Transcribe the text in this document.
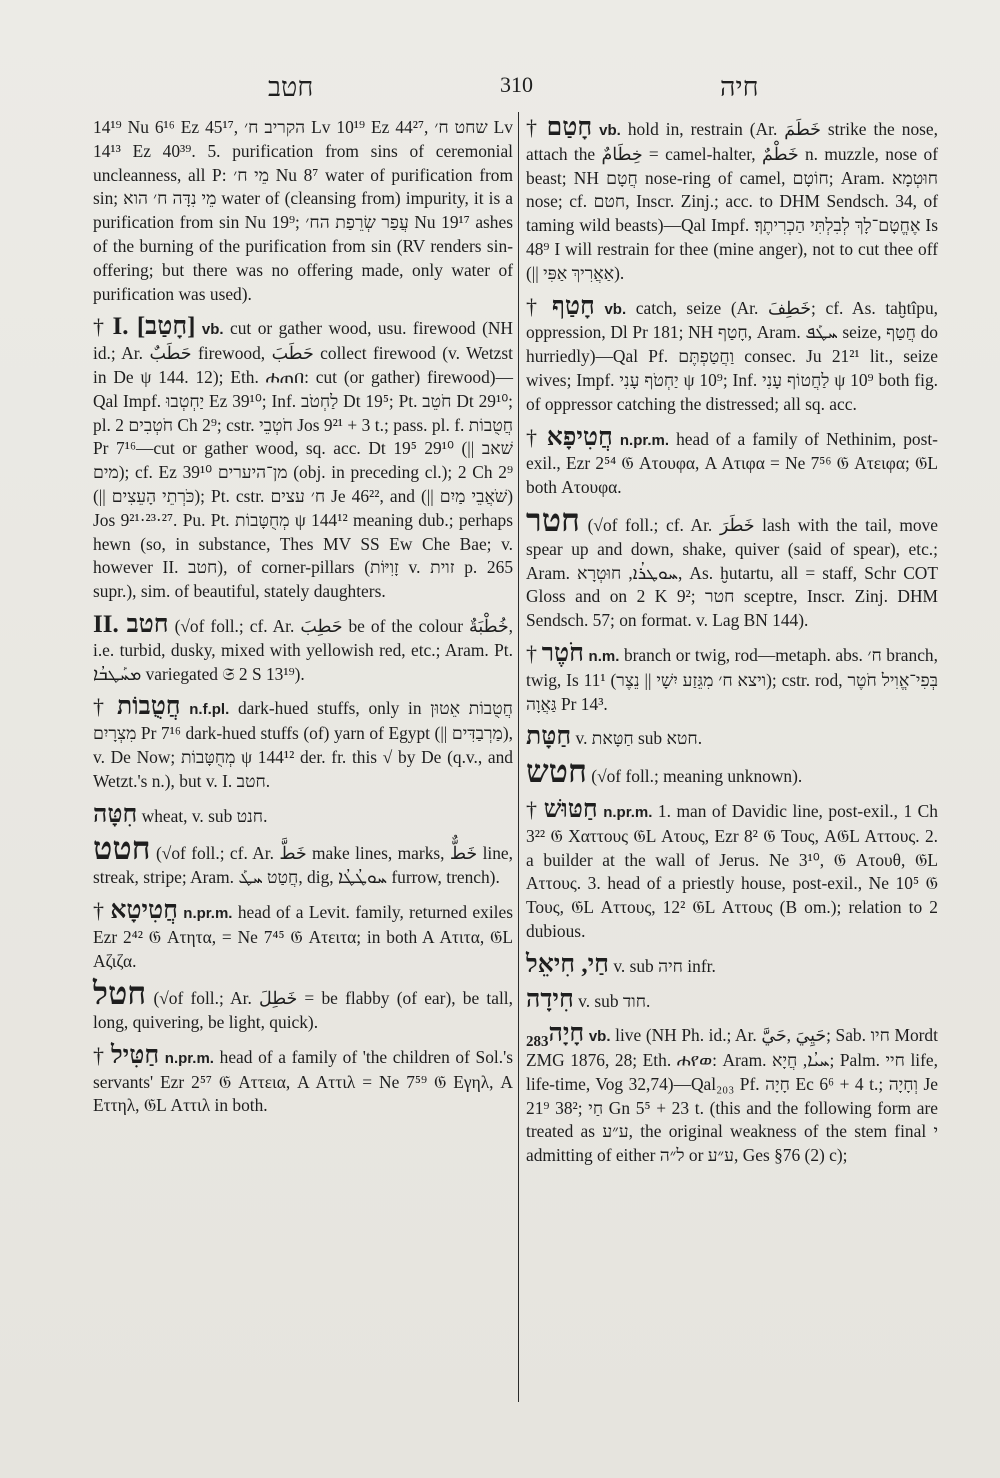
חטב	310	חיה
14¹⁹ Nu 6¹⁶ Ez 45¹⁷, הקריב ח׳ Lv 10¹⁹ Ez 44²⁷, שחט ח׳ Lv 14¹³ Ez 40³⁹. 5. purification from sins of ceremonial uncleanness, all P: מֵי ח׳ Nu 8⁷ water of purification from sin; מֵי נִדָּה ח׳ הוא water of (cleansing from) impurity, it is a purification from sin Nu 19⁹; עֲפַר שְׂרֵפַת הח׳ Nu 19¹⁷ ashes of the burning of the purification from sin (RV renders sin-offering; but there was no offering made, only water of purification was used).
† I. [חָטַב] vb. cut or gather wood, usu. firewood (NH id.; Ar. حَطَبٌ firewood, حَطَبَ collect firewood (v. Wetzst in De ψ 144. 12); Eth. ሐጠበ: cut (or gather) firewood)—Qal Impf. יַחְטְבוּ Ez 39¹⁰; Inf. לַחְטֹב Dt 19⁵; Pt. חֹטֵב Dt 29¹⁰; pl. חֹטְבִים 2 Ch 2⁹; cstr. חֹטְבֵי Jos 9²¹ + 3 t.; pass. pl. f. חֲטֻבוֹת Pr 7¹⁶—cut or gather wood, sq. acc. Dt 19⁵ 29¹⁰ (|| שׁאב מים); cf. Ez 39¹⁰ מן־היערים (obj. in preceding cl.); 2 Ch 2⁹ (|| כֹּרְתֵי הָעֵצִים); Pt. cstr. ח׳ עצים Je 46²², and (|| שֹׁאֲבֵי מַיִם) Jos 9²¹·²³·²⁷. Pu. Pt. מְחֻטָּבוֹת ψ 144¹² meaning dub.; perhaps hewn (so, in substance, Thes MV SS Ew Che Bae; v. however II. חטב), of corner-pillars (זָוִיּוֹת v. זוית p. 265 supr.), sim. of beautiful, stately daughters.
II. חטב (√of foll.; cf. Ar. حَطِبَ be of the colour خُطْبَةٌ, i.e. turbid, dusky, mixed with yellowish red, etc.; Aram. Pt. ܡܚܰܛܒܳܐ variegated 𝔖 2 S 13¹⁹).
† חֲטֻבוֹת n.f.pl. dark-hued stuffs, only in חֲטֻבוֹת אֵטוּן מִצְרָיִם Pr 7¹⁶ dark-hued stuffs (of) yarn of Egypt (|| מַרְבַדִּים), v. De Now; מְחֻטָּבוֹת ψ 144¹² der. fr. this √ by De (q.v., and Wetzt.'s n.), but v. I. חטב.
חִטָּה wheat, v. sub חנט.
חטט (√of foll.; cf. Ar. خَطَّ make lines, marks, خَطٌّ line, streak, stripe; Aram. חֲטַט ܚܛܰ, dig, ܚܘܛܳܛܳܐ furrow, trench).
† חֲטִיטָא n.pr.m. head of a Levit. family, returned exiles Ezr 2⁴² 𝔊 Ατητα, = Ne 7⁴⁵ 𝔊 Ατειτα; in both A Ατιτα, 𝔊L Αζιζα.
חטל (√of foll.; Ar. خَطِلَ = be flabby (of ear), be tall, long, quivering, be light, quick).
† חַטִּיל n.pr.m. head of a family of 'the children of Sol.'s servants' Ezr 2⁵⁷ 𝔊 Αττεια, A Αττιλ = Ne 7⁵⁹ 𝔊 Εγηλ, A Εττηλ, 𝔊L Αττιλ in both.
† חָטַם vb. hold in, restrain (Ar. خَطَمَ strike the nose, attach the خِطَامٌ = camel-halter, خَطْمٌ n. muzzle, nose of beast; NH חֲטָם nose-ring of camel, חוֹטָם; Aram. חוּטְמָא nose; cf. חטם, Inscr. Zinj.; acc. to DHM Sendsch. 34, of taming wild beasts)—Qal Impf. אֶחֱטָם־לָךְ לְבִלְתִּי הַכְרִיתֶךָ׃ Is 48⁹ I will restrain for thee (mine anger), not to cut thee off (|| אַאֲרִיךְ אַפִּי).
† חָטַף vb. catch, seize (Ar. خَطِفَ; cf. As. taḫtîpu, oppression, Dl Pr 181; NH חָטַף, Aram. ܚܛܰܦ seize, חֲטַף do hurriedly)—Qal Pf. וַחֲטַפְתֶּם consec. Ju 21²¹ lit., seize wives; Impf. יַחְטֹף עָנִי ψ 10⁹; Inf. לַחֲטוֹף עָנִי ψ 10⁹ both fig. of oppressor catching the distressed; all sq. acc.
† חֲטִיפָא n.pr.m. head of a family of Nethinim, post-exil., Ezr 2⁵⁴ 𝔊 Ατουφα, A Ατιφα = Ne 7⁵⁶ 𝔊 Ατειφα; 𝔊L both Ατουφα.
חטר (√of foll.; cf. Ar. خَطَرَ lash with the tail, move spear up and down, shake, quiver (said of spear), etc.; Aram. ܚܘܛܪܳܐ, חוּטְרָא, As. ḫutartu, all = staff, Schr COT Gloss and on 2 K 9²; חטר sceptre, Inscr. Zinj. DHM Sendsch. 57; on format. v. Lag BN 144).
† חֹטֶר n.m. branch or twig, rod—metaph. abs. ח׳ branch, twig, Is 11¹ (ויצא ח׳ מִגֵּזַע יִשָׁי || נֵצֶר); cstr. rod, בְּפִי־אֱוִיל חֹטֶר גַּאֲוָה Pr 14³.
חַטָּת v. חַטָּאת sub חטא.
חטש (√of foll.; meaning unknown).
† חַטּוּשׁ n.pr.m. 1. man of Davidic line, post-exil., 1 Ch 3²² 𝔊 Χαττους 𝔊L Ατους, Ezr 8² 𝔊 Τους, A𝔊L Αττους. 2. a builder at the wall of Jerus. Ne 3¹⁰, 𝔊 Ατουθ, 𝔊L Αττους. 3. head of a priestly house, post-exil., Ne 10⁵ 𝔊 Τους, 𝔊L Αττους, 12² 𝔊L Αττους (B om.); relation to 2 dubious.
חַי, חִיאֵל v. sub חיה infr.
חִידָה v. sub חוד.
חָיָה₂₈₃ vb. live (NH Ph. id.; Ar. حَيِيَ ,حَيَّ; Sab. חיו Mordt ZMG 1876, 28; Eth. ሐየወ: Aram. ܚܝܳܐ, חֲיָא; Palm. חיי life, life-time, Vog 32,74)—Qal₂₀₃ Pf. חָיָה Ec 6⁶ + 4 t.; וְחָיָה Je 21⁹ 38²; חַי Gn 5⁵ + 23 t. (this and the following form are treated as ע״ע, the original weakness of the stem final י admitting of either ל״ה or ע״ע, Ges §76 (2) c);
